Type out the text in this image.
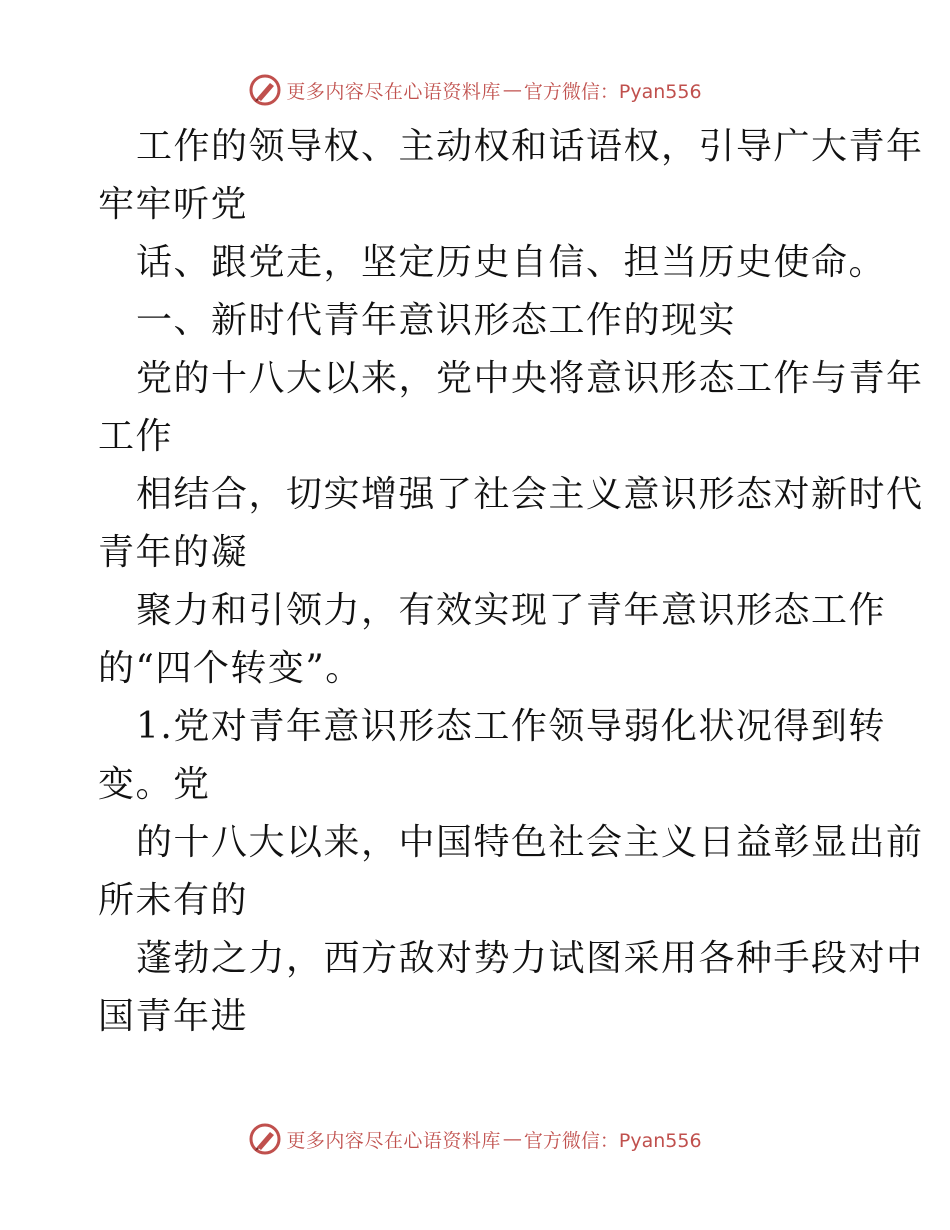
更多内容尽在心语资料库 — 官方微信：Pyan556
工作的领导权、主动权和话语权，引导广大青年
牢牢听党
话、跟党走，坚定历史自信、担当历史使命。
一、新时代青年意识形态工作的现实
党的十八大以来，党中央将意识形态工作与青年
工作
相结合，切实增强了社会主义意识形态对新时代
青年的凝
聚力和引领力，有效实现了青年意识形态工作
的“四个转变”。
1.党对青年意识形态工作领导弱化状况得到转
变。党
的十八大以来，中国特色社会主义日益彰显出前
所未有的
蓬勃之力，西方敌对势力试图采用各种手段对中
国青年进
更多内容尽在心语资料库 — 官方微信：Pyan556
